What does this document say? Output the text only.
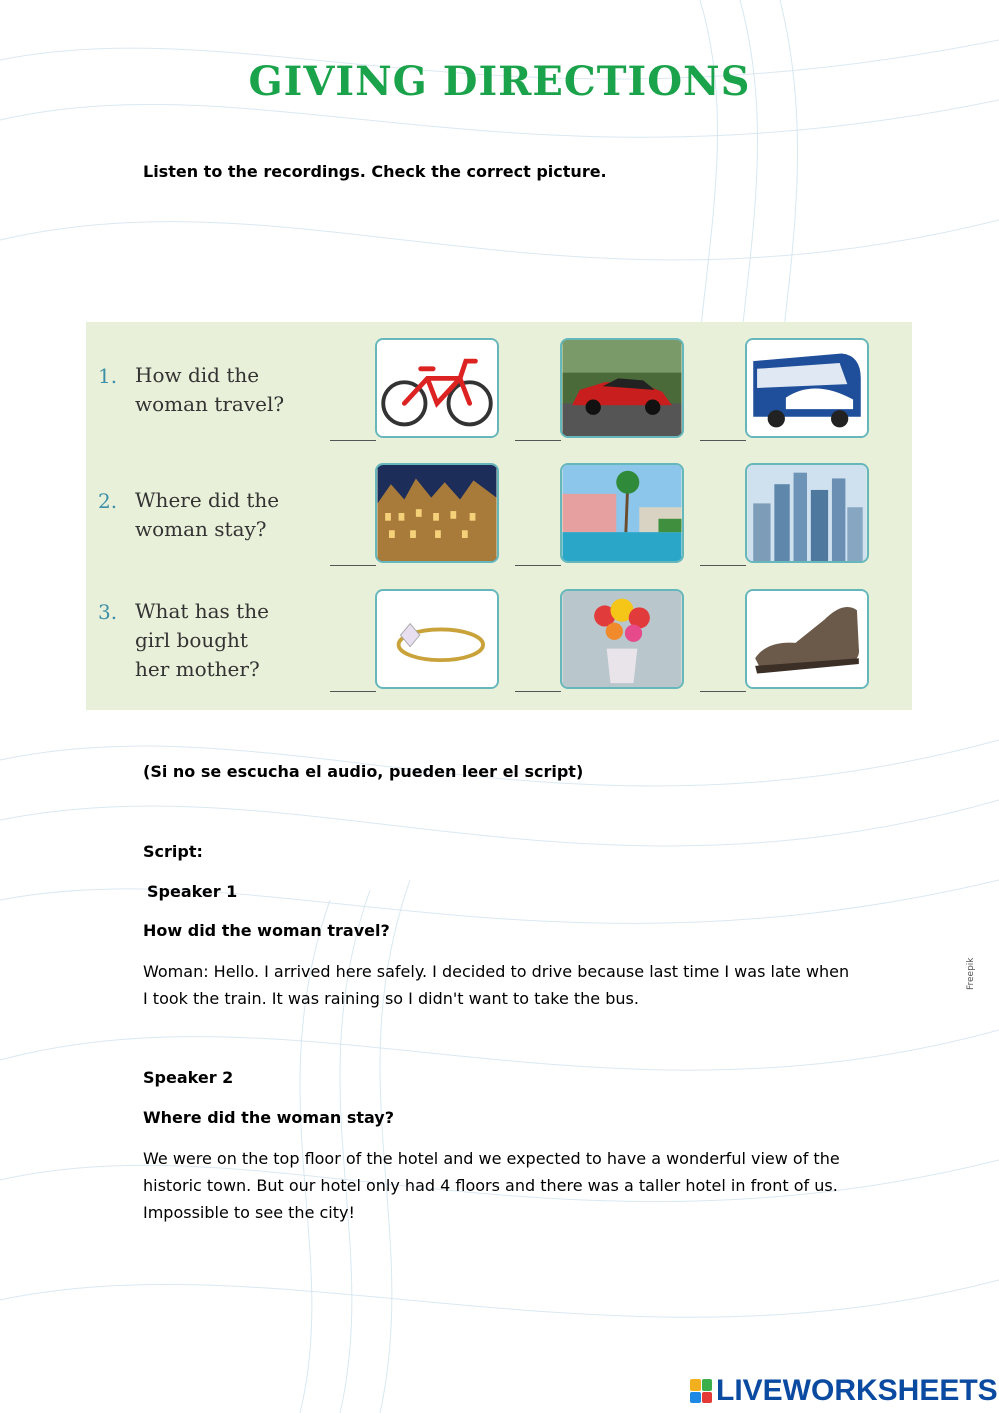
GIVING DIRECTIONS
Listen to the recordings. Check the correct picture.
1. How did the
woman travel?
2. Where did the
woman stay?
3. What has the
girl bought
her mother?
Freepik
(Si no se escucha el audio, pueden leer el script)
Script:
Speaker 1
How did the woman travel?
Woman: Hello. I arrived here safely. I decided to drive because last time I was late when
I took the train. It was raining so I didn't want to take the bus.
Speaker 2
Where did the woman stay?
We were on the top floor of the hotel and we expected to have a wonderful view of the
historic town. But our hotel only had 4 floors and there was a taller hotel in front of us.
Impossible to see the city!
LIVEWORKSHEETS
